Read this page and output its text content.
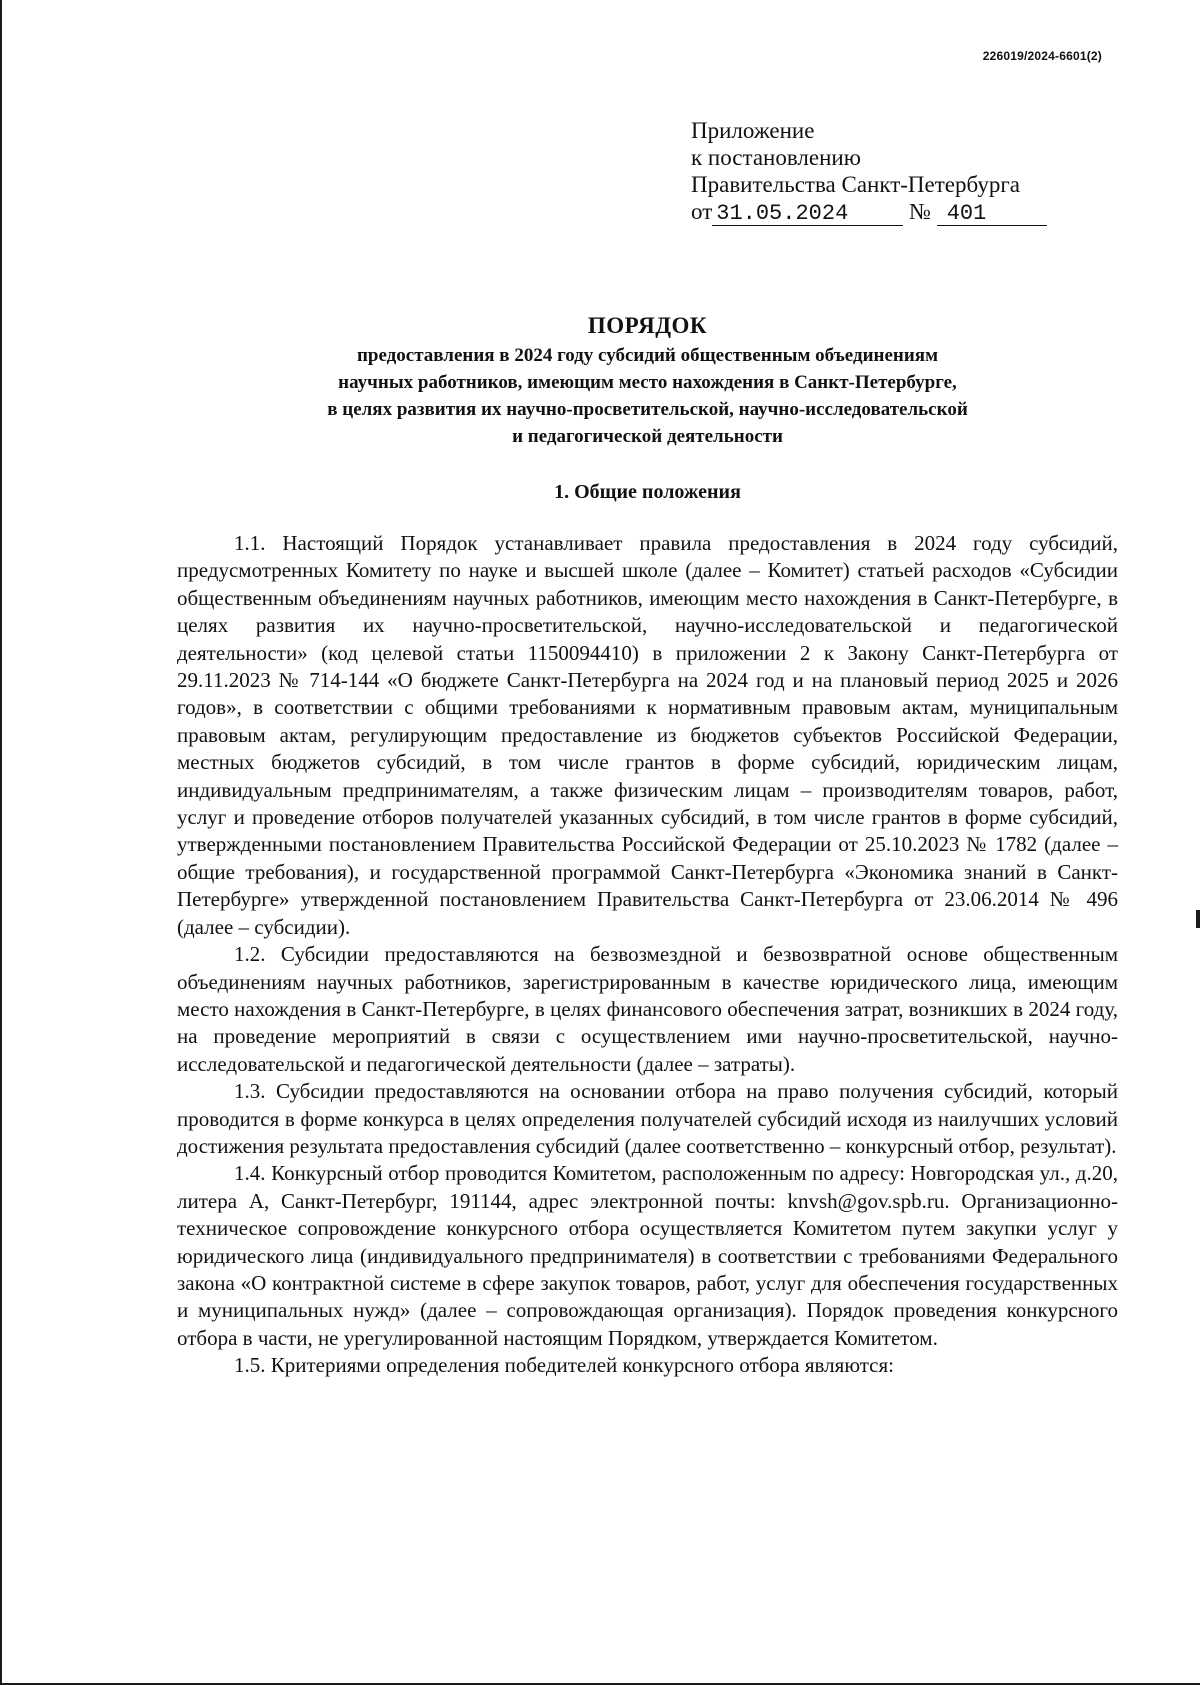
226019/2024-6601(2)
Приложение
к постановлению
Правительства Санкт-Петербурга
от 31.05.2024	№ 401
ПОРЯДОК
предоставления в 2024 году субсидий общественным объединениям
научных работников, имеющим место нахождения в Санкт-Петербурге,
в целях развития их научно-просветительской, научно-исследовательской
и педагогической деятельности
1. Общие положения

1.1. Настоящий Порядок устанавливает правила предоставления в 2024 году субсидий, предусмотренных Комитету по науке и высшей школе (далее – Комитет) статьей расходов «Субсидии общественным объединениям научных работников, имеющим место нахождения в Санкт-Петербурге, в целях развития их научно-просветительской, научно-исследовательской и педагогической деятельности» (код целевой статьи 1150094410) в приложении 2 к Закону Санкт-Петербурга от 29.11.2023 № 714-144 «О бюджете Санкт-Петербурга на 2024 год и на плановый период 2025 и 2026 годов», в соответствии с общими требованиями к нормативным правовым актам, муниципальным правовым актам, регулирующим предоставление из бюджетов субъектов Российской Федерации, местных бюджетов субсидий, в том числе грантов в форме субсидий, юридическим лицам, индивидуальным предпринимателям, а также физическим лицам – производителям товаров, работ, услуг и проведение отборов получателей указанных субсидий, в том числе грантов в форме субсидий, утвержденными постановлением Правительства Российской Федерации от 25.10.2023 № 1782 (далее – общие требования), и государственной программой Санкт-Петербурга «Экономика знаний в Санкт-Петербурге» утвержденной постановлением Правительства Санкт-Петербурга от 23.06.2014 № 496 (далее – субсидии).

1.2. Субсидии предоставляются на безвозмездной и безвозвратной основе общественным объединениям научных работников, зарегистрированным в качестве юридического лица, имеющим место нахождения в Санкт-Петербурге, в целях финансового обеспечения затрат, возникших в 2024 году, на проведение мероприятий в связи с осуществлением ими научно-просветительской, научно-исследовательской и педагогической деятельности (далее – затраты).

1.3. Субсидии предоставляются на основании отбора на право получения субсидий, который проводится в форме конкурса в целях определения получателей субсидий исходя из наилучших условий достижения результата предоставления субсидий (далее соответственно – конкурсный отбор, результат).

1.4. Конкурсный отбор проводится Комитетом, расположенным по адресу: Новгородская ул., д.20, литера А, Санкт-Петербург, 191144, адрес электронной почты: knvsh@gov.spb.ru. Организационно-техническое сопровождение конкурсного отбора осуществляется Комитетом путем закупки услуг у юридического лица (индивидуального предпринимателя) в соответствии с требованиями Федерального закона «О контрактной системе в сфере закупок товаров, работ, услуг для обеспечения государственных и муниципальных нужд» (далее – сопровождающая организация). Порядок проведения конкурсного отбора в части, не урегулированной настоящим Порядком, утверждается Комитетом.

1.5. Критериями определения победителей конкурсного отбора являются:
